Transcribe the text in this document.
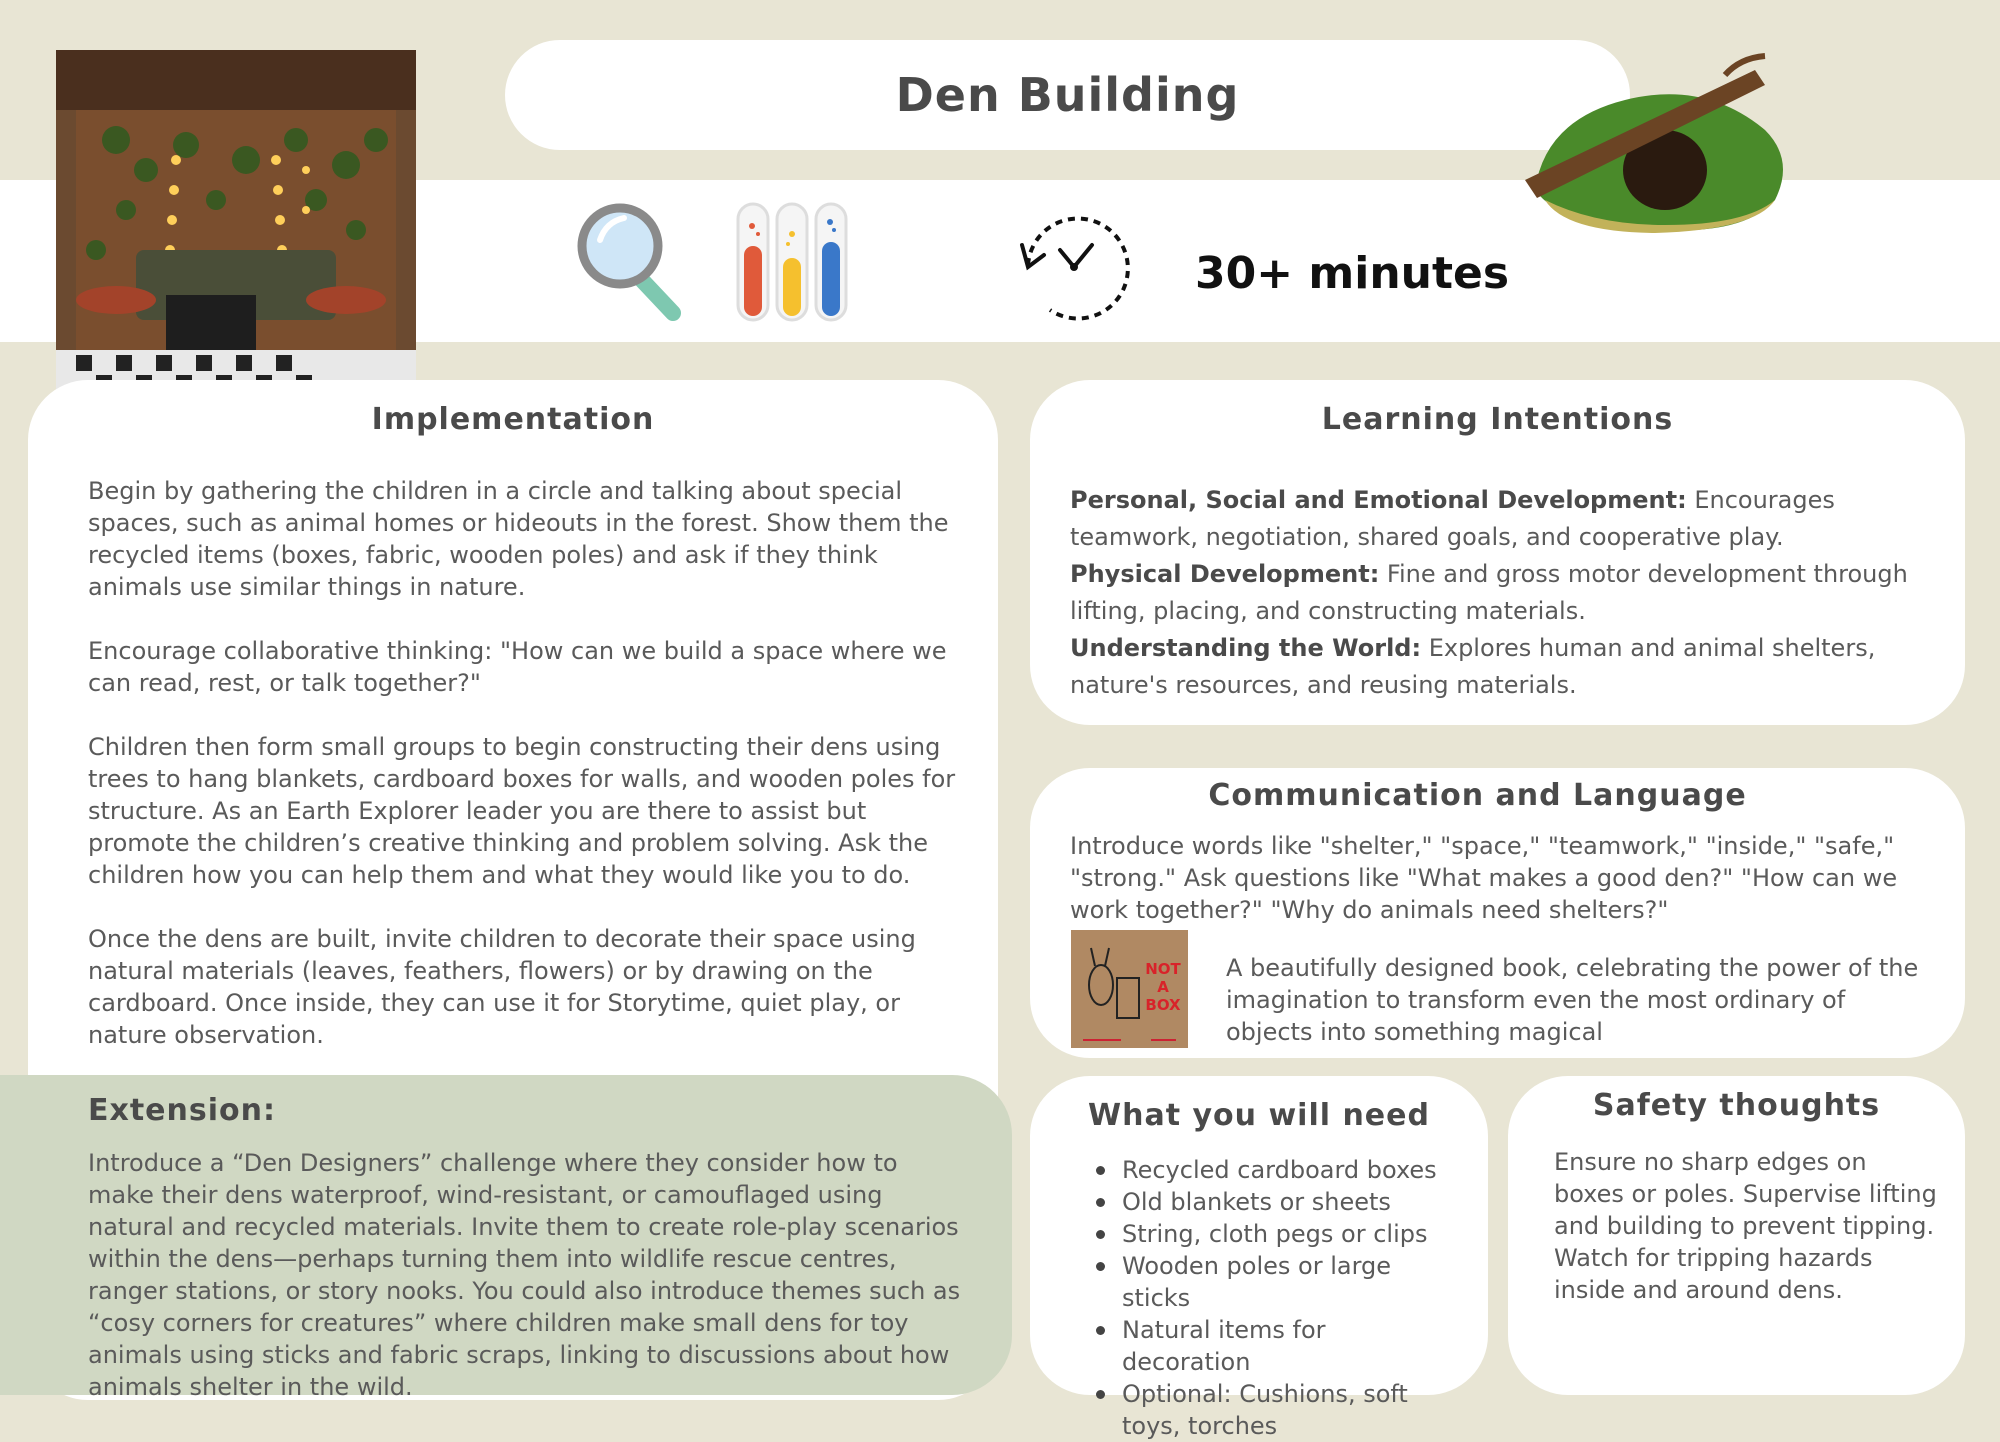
Den Building
30+ minutes
Implementation

Begin by gathering the children in a circle and talking about special spaces, such as animal homes or hideouts in the forest. Show them the recycled items (boxes, fabric, wooden poles) and ask if they think animals use similar things in nature.

Encourage collaborative thinking: "How can we build a space where we can read, rest, or talk together?"

Children then form small groups to begin constructing their dens using trees to hang blankets, cardboard boxes for walls, and wooden poles for structure. As an Earth Explorer leader you are there to assist but promote the children’s creative thinking and problem solving. Ask the children how you can help them and what they would like you to do.

Once the dens are built, invite children to decorate their space using natural materials (leaves, feathers, flowers) or by drawing on the cardboard. Once inside, they can use it for Storytime, quiet play, or nature observation.

Extension:
Introduce a “Den Designers” challenge where they consider how to make their dens waterproof, wind-resistant, or camouflaged using natural and recycled materials. Invite them to create role-play scenarios within the dens—perhaps turning them into wildlife rescue centres, ranger stations, or story nooks. You could also introduce themes such as “cosy corners for creatures” where children make small dens for toy animals using sticks and fabric scraps, linking to discussions about how animals shelter in the wild.
Learning Intentions
Personal, Social and Emotional Development: Encourages teamwork, negotiation, shared goals, and cooperative play.
Physical Development: Fine and gross motor development through lifting, placing, and constructing materials.
Understanding the World: Explores human and animal shelters, nature's resources, and reusing materials.
Communication and Language
Introduce words like "shelter," "space," "teamwork," "inside," "safe," "strong." Ask questions like "What makes a good den?" "How can we work together?" "Why do animals need shelters?"
A beautifully designed book, celebrating the power of the imagination to transform even the most ordinary of objects into something magical
NOT A BOX
What you will need
Recycled cardboard boxes
Old blankets or sheets
String, cloth pegs or clips
Wooden poles or large sticks
Natural items for decoration
Optional: Cushions, soft toys, torches
Safety thoughts
Ensure no sharp edges on boxes or poles. Supervise lifting and building to prevent tipping. Watch for tripping hazards inside and around dens.
